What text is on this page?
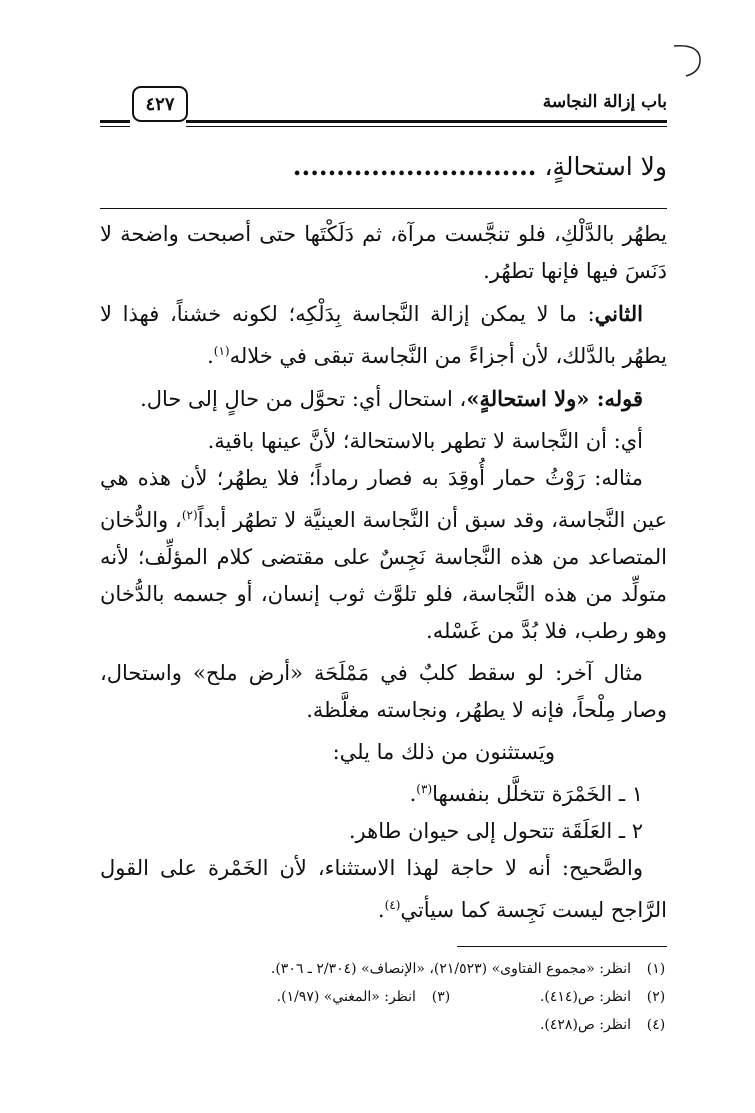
باب إزالة النجاسة
٤٢٧
ولا استحالةٍ، ............................

يطهُر بالدَّلْكِ، فلو تنجَّست مرآة، ثم دَلَكْتَها حتى أصبحت واضحة لا دَنَسَ فيها فإنها تطهُر.

الثاني: ما لا يمكن إزالة النَّجاسة بِدَلْكِه؛ لكونه خشناً، فهذا لا يطهُر بالدَّلك، لأن أجزاءً من النَّجاسة تبقى في خلاله$^{(١)}$.

قوله: «ولا استحالةٍ»، استحال أي: تحوَّل من حالٍ إلى حال.

أي: أن النَّجاسة لا تطهر بالاستحالة؛ لأنَّ عينها باقية.

مثاله: رَوْثُ حمار أُوقِدَ به فصار رماداً؛ فلا يطهُر؛ لأن هذه هي عين النَّجاسة، وقد سبق أن النَّجاسة العينيَّة لا تطهُر أبداً$^{(٢)}$، والدُّخان المتصاعد من هذه النَّجاسة نَجِسٌ على مقتضى كلام المؤلِّف؛ لأنه متولِّد من هذه النَّجاسة، فلو تلوَّث ثوب إنسان، أو جسمه بالدُّخان وهو رطب، فلا بُدَّ من غَسْله.

مثال آخر: لو سقط كلبٌ في مَمْلَحَة «أرض ملح» واستحال، وصار مِلْحاً، فإنه لا يطهُر، ونجاسته مغلَّظة.

ويَستثنون من ذلك ما يلي:

١ ـ الخَمْرَة تتخلَّل بنفسها$^{(٣)}$.

٢ ـ العَلَقَة تتحول إلى حيوان طاهر.

والصَّحيح: أنه لا حاجة لهذا الاستثناء، لأن الخَمْرة على القول الرَّاجح ليست نَجِسة كما سيأتي$^{(٤)}$.

(١)
انظر: «مجموع الفتاوى» (٢١/٥٢٣)، «الإنصاف» (٢/٣٠٤ ـ ٣٠٦).
(٢)
انظر: ص(٤١٤).
(٣)
انظر: «المغني» (١/٩٧).
(٤)
انظر: ص(٤٢٨).
